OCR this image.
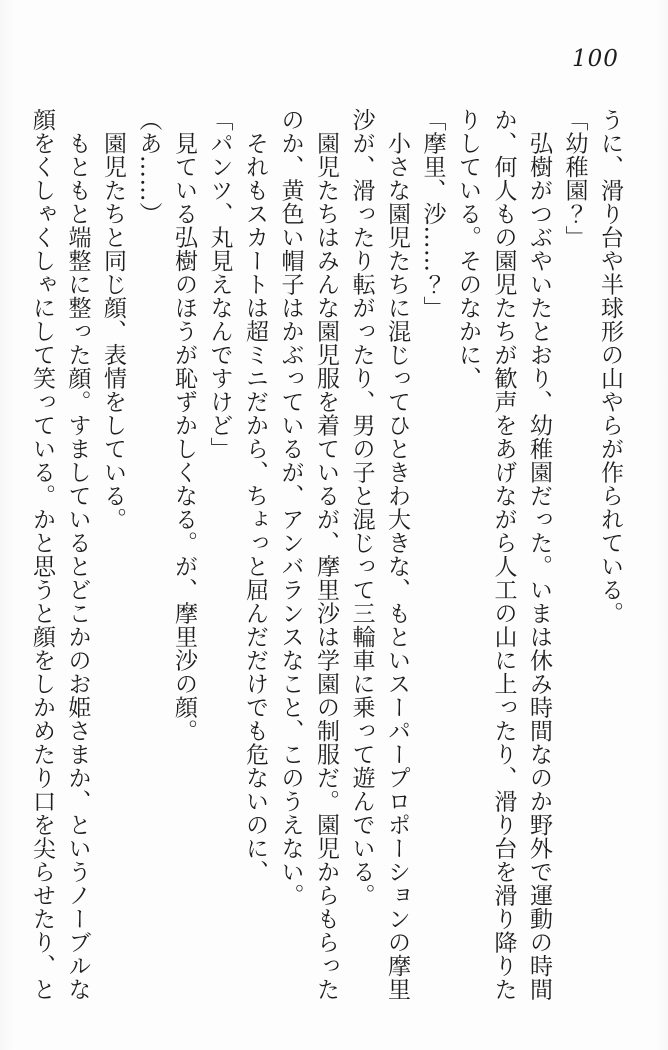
100

うに、滑り台や半球形の山やらが作られている。

「幼稚園？」

　弘樹がつぶやいたとおり、幼稚園だった。いまは休み時間なのか野外で運動の時間

か、何人もの園児たちが歓声をあげながら人工の山に上ったり、滑り台を滑り降りた

りしている。そのなかに、

「摩里、沙……？」

　小さな園児たちに混じってひときわ大きな、もといスーパープロポーションの摩里

沙が、滑ったり転がったり、男の子と混じって三輪車に乗って遊んでいる。

　園児たちはみんな園児服を着ているが、摩里沙は学園の制服だ。園児からもらった

のか、黄色い帽子はかぶっているが、アンバランスなこと、このうえない。

　それもスカートは超ミニだから、ちょっと屈んだだけでも危ないのに、

「パンツ、丸見えなんですけど」

　見ている弘樹のほうが恥ずかしくなる。が、摩里沙の顔。

（あ……）

　園児たちと同じ顔、表情をしている。

　もともと端整に整った顔。すましているとどこかのお姫さまか、というノーブルな

顔をくしゃくしゃにして笑っている。かと思うと顔をしかめたり口を尖らせたり、と
